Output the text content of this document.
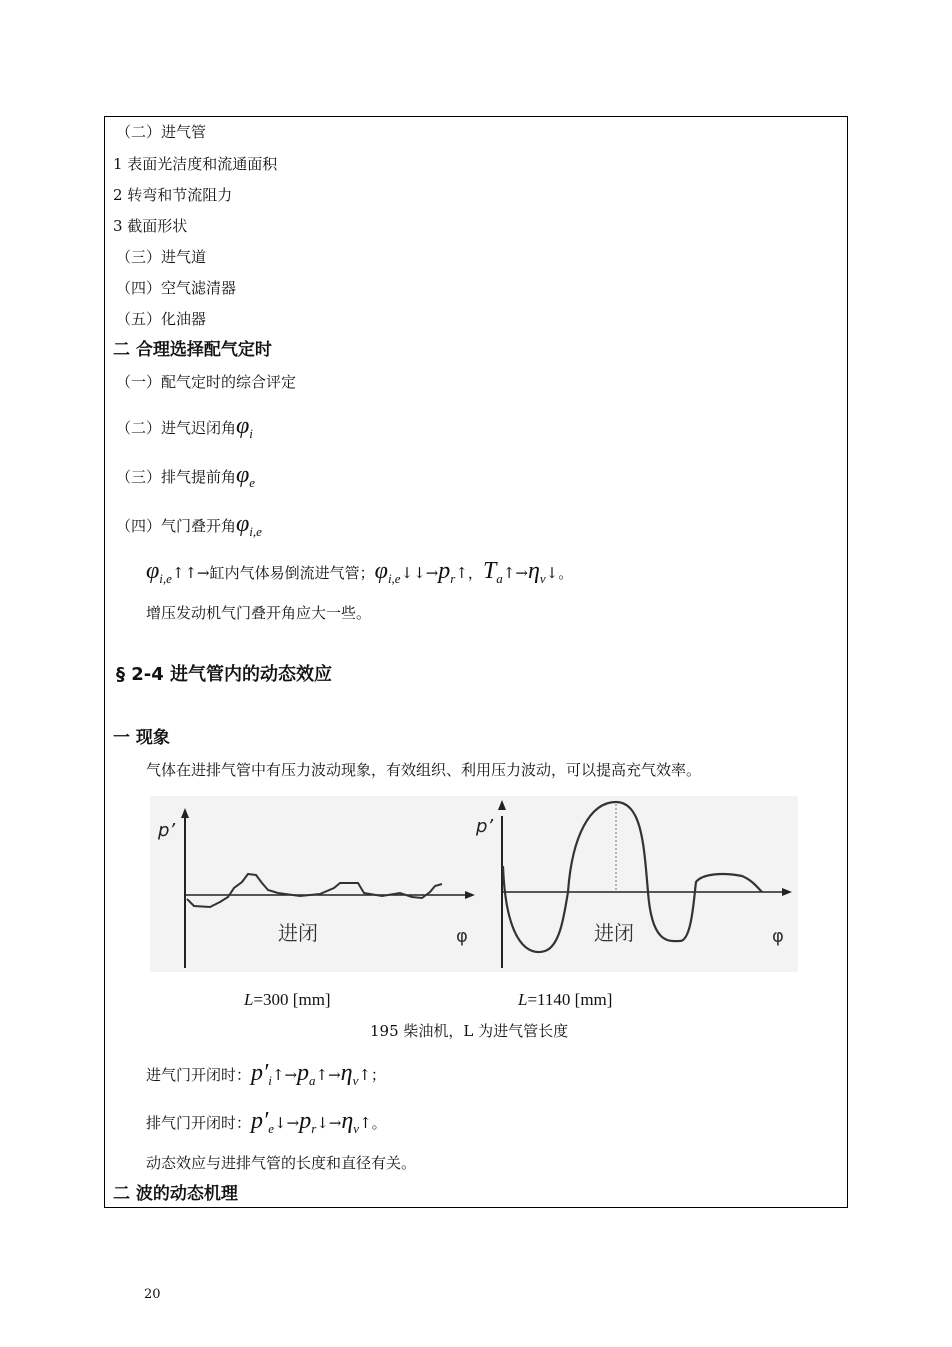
（二）进气管
1 表面光洁度和流通面积
2 转弯和节流阻力
3 截面形状
（三）进气道
（四）空气滤清器
（五）化油器
二 合理选择配气定时
（一）配气定时的综合评定
（二）进气迟闭角$\varphi_i$
（三）排气提前角$\varphi_e$
（四）气门叠开角$\varphi_{i,e}$
$\varphi_{i,e}↑↑\to$缸内气体易倒流进气管；$\varphi_{i,e}↓↓\to p_r↑$，$T_a↑\to\eta_v↓$。
增压发动机气门叠开角应大一些。
§ 2-4 进气管内的动态效应
一 现象
气体在进排气管中有压力波动现象，有效组织、利用压力波动，可以提高充气效率。
p’
进闭	φ
p’
进闭	φ
L=300 [mm]	L=1140 [mm]
195 柴油机，L 为进气管长度
进气门开闭时：$p'_i↑\to p_a↑\to\eta_v↑$；
排气门开闭时：$p'_e↓\to p_r↓\to\eta_v↑$。
动态效应与进排气管的长度和直径有关。
二 波的动态机理
20
